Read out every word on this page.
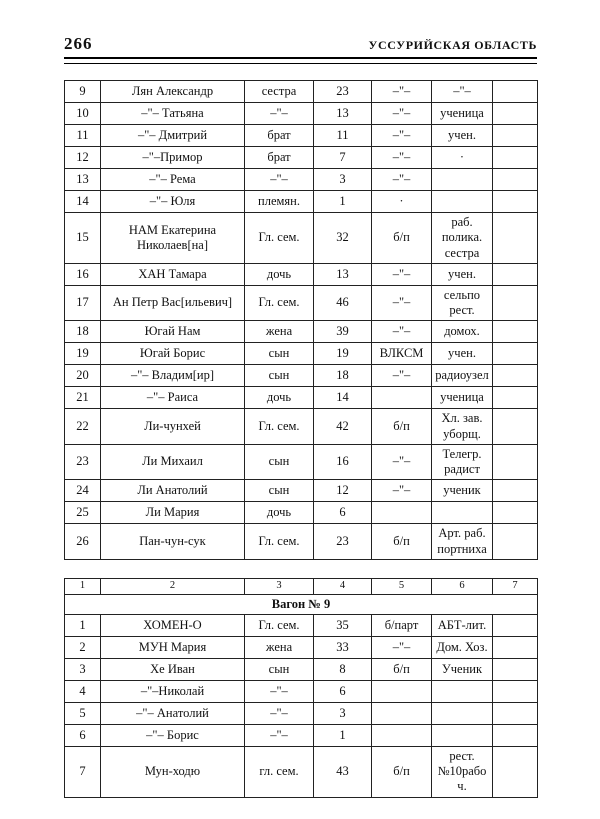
266	УССУРИЙСКАЯ ОБЛАСТЬ
9	Лян Александр	сестра	23	–"–	–"–	
10	–"– Татьяна	–"–	13	–"–	ученица	
11	–"– Дмитрий	брат	11	–"–	учен.	
12	–"–Примор	брат	7	–"–	·	
13	–"– Рема	–"–	3	–"–		
14	–"– Юля	племян.	1	·		
15	НАМ Екатерина Николаев[на]	Гл. сем.	32	б/п	раб. полика. сестра	
16	ХАН Тамара	дочь	13	–"–	учен.	
17	Ан Петр Вас[ильевич]	Гл. сем.	46	–"–	сельпо рест.	
18	Югай Нам	жена	39	–"–	домох.	
19	Югай Борис	сын	19	ВЛКСМ	учен.	
20	–"– Владим[ир]	сын	18	–"–	радиоузел	
21	–"– Раиса	дочь	14		ученица	
22	Ли-чунхей	Гл. сем.	42	б/п	Хл. зав. уборщ.	
23	Ли Михаил	сын	16	–"–	Телегр. радист	
24	Ли Анатолий	сын	12	–"–	ученик	
25	Ли Мария	дочь	6			
26	Пан-чун-сук	Гл. сем.	23	б/п	Арт. раб. портниха	
1	2	3	4	5	6	7
Вагон № 9						
1	ХОМЕН-О	Гл. сем.	35	б/парт	АБТ-лит.	
2	МУН Мария	жена	33	–"–	Дом. Хоз.	
3	Хе Иван	сын	8	б/п	Ученик	
4	–"–Николай	–"–	6			
5	–"– Анатолий	–"–	3			
6	–"– Борис	–"–	1			
7	Мун-ходю	гл. сем.	43	б/п	рест. №10рабоч.	
